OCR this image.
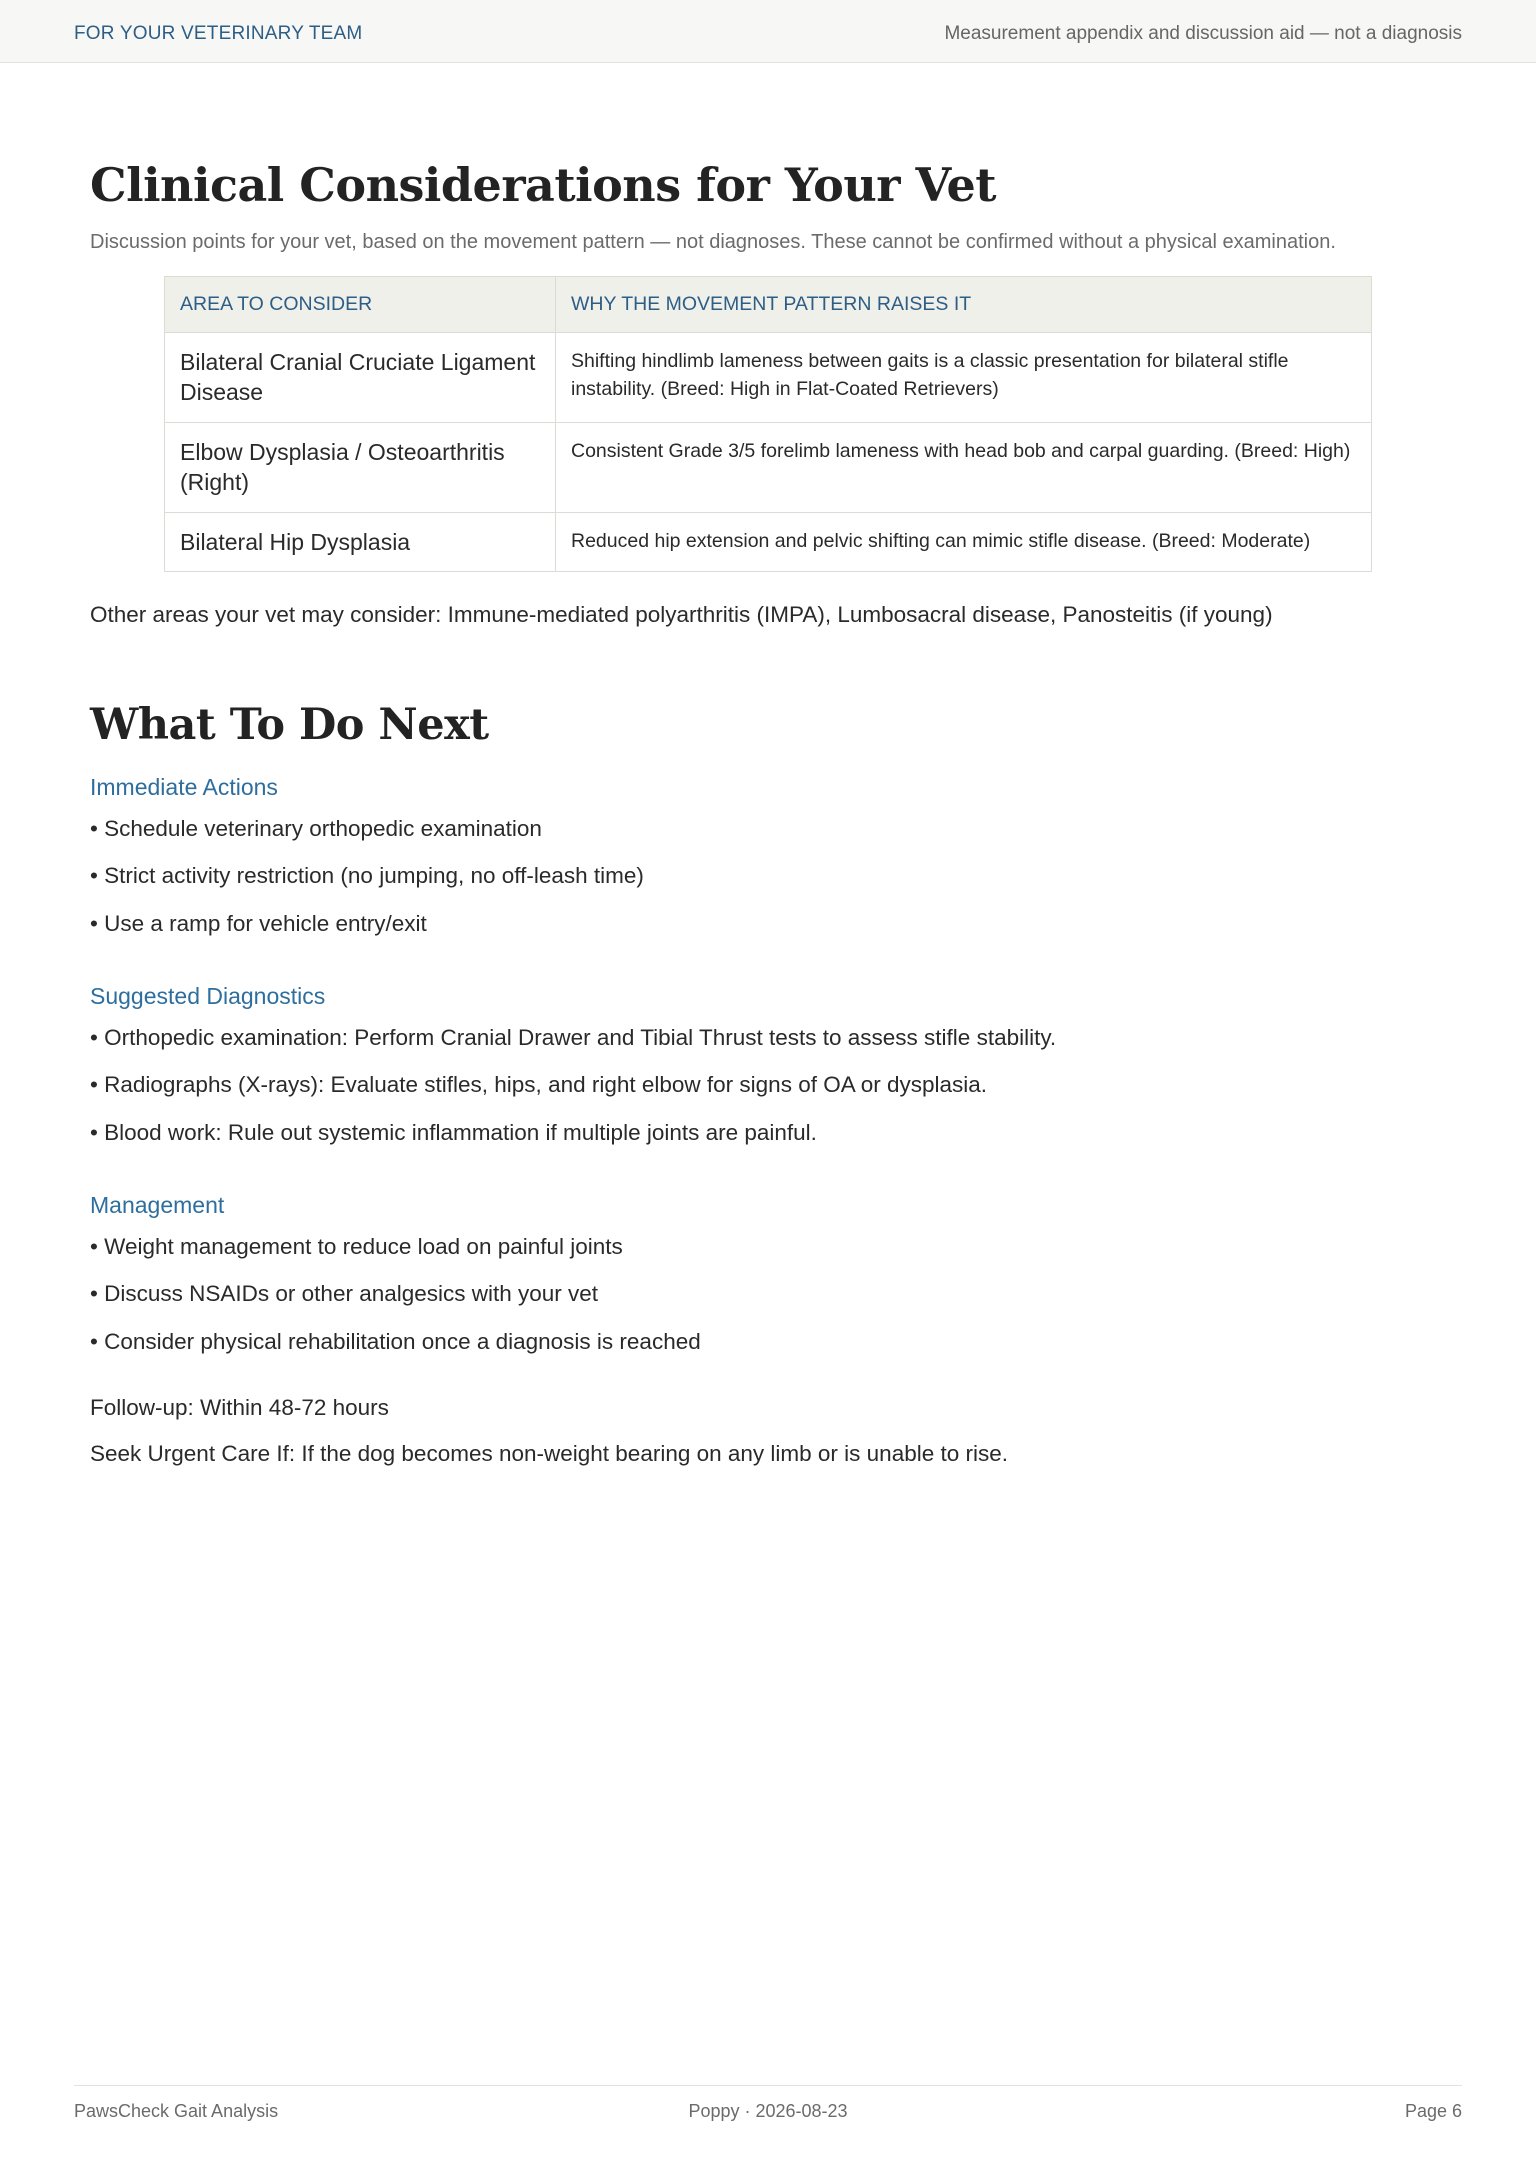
FOR YOUR VETERINARY TEAM	Measurement appendix and discussion aid — not a diagnosis
Clinical Considerations for Your Vet
Discussion points for your vet, based on the movement pattern — not diagnoses. These cannot be confirmed without a physical examination.
AREA TO CONSIDER	WHY THE MOVEMENT PATTERN RAISES IT
Bilateral Cranial Cruciate Ligament Disease	Shifting hindlimb lameness between gaits is a classic presentation for bilateral stifle instability. (Breed: High in Flat-Coated Retrievers)
Elbow Dysplasia / Osteoarthritis (Right)	Consistent Grade 3/5 forelimb lameness with head bob and carpal guarding. (Breed: High)
Bilateral Hip Dysplasia	Reduced hip extension and pelvic shifting can mimic stifle disease. (Breed: Moderate)
Other areas your vet may consider: Immune-mediated polyarthritis (IMPA), Lumbosacral disease, Panosteitis (if young)
What To Do Next
Immediate Actions
• Schedule veterinary orthopedic examination
• Strict activity restriction (no jumping, no off-leash time)
• Use a ramp for vehicle entry/exit
Suggested Diagnostics
• Orthopedic examination: Perform Cranial Drawer and Tibial Thrust tests to assess stifle stability.
• Radiographs (X-rays): Evaluate stifles, hips, and right elbow for signs of OA or dysplasia.
• Blood work: Rule out systemic inflammation if multiple joints are painful.
Management
• Weight management to reduce load on painful joints
• Discuss NSAIDs or other analgesics with your vet
• Consider physical rehabilitation once a diagnosis is reached
Follow-up: Within 48-72 hours
Seek Urgent Care If: If the dog becomes non-weight bearing on any limb or is unable to rise.
PawsCheck Gait Analysis	Poppy · 2026-08-23	Page 6
